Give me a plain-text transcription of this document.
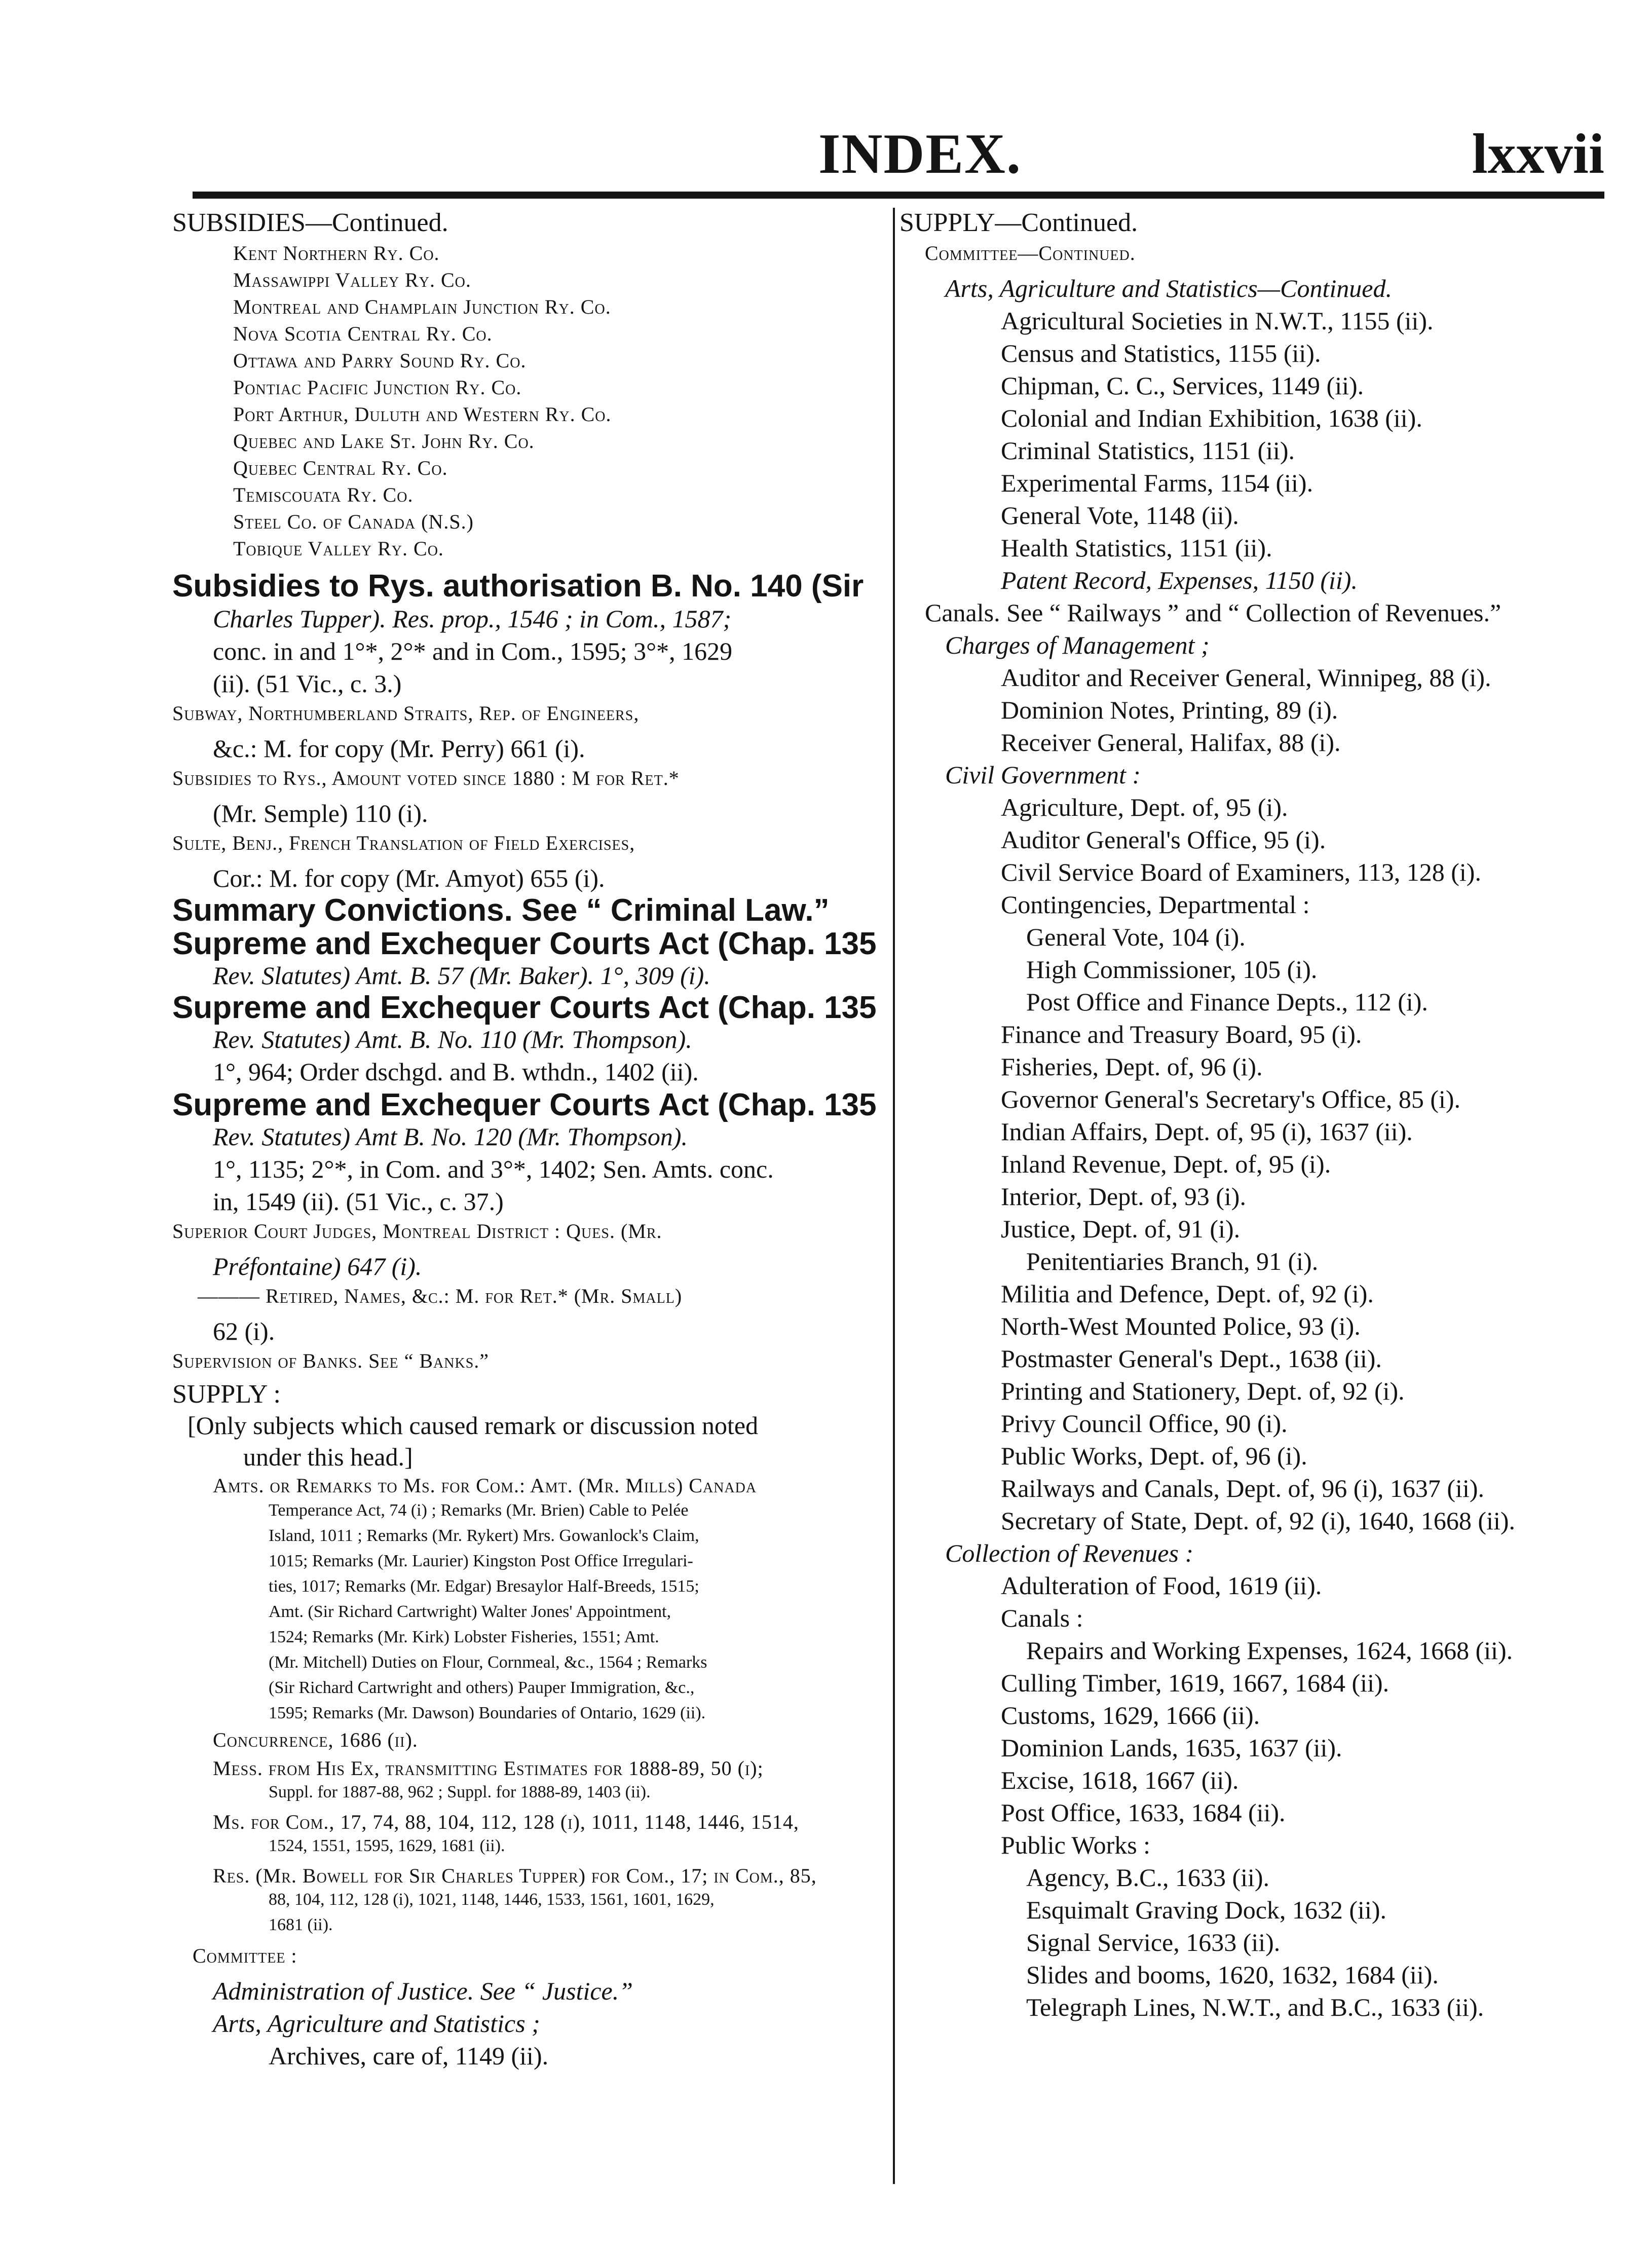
INDEX.	lxxvii
SUBSIDIES—Continued.
Kent Northern Ry. Co.
Massawippi Valley Ry. Co.
Montreal and Champlain Junction Ry. Co.
Nova Scotia Central Ry. Co.
Ottawa and Parry Sound Ry. Co.
Pontiac Pacific Junction Ry. Co.
Port Arthur, Duluth and Western Ry. Co.
Quebec and Lake St. John Ry. Co.
Quebec Central Ry. Co.
Temiscouata Ry. Co.
Steel Co. of Canada (N.S.)
Tobique Valley Ry. Co.
Subsidies to Rys. authorisation B. No. 140 (Sir
Charles Tupper). Res. prop., 1546 ; in Com., 1587;
conc. in and 1°*, 2°* and in Com., 1595; 3°*, 1629
(ii). (51 Vic., c. 3.)
Subway, Northumberland Straits, Rep. of Engineers,
&c.: M. for copy (Mr. Perry) 661 (i).
Subsidies to Rys., Amount voted since 1880 : M for Ret.*
(Mr. Semple) 110 (i).
Sulte, Benj., French Translation of Field Exercises,
Cor.: M. for copy (Mr. Amyot) 655 (i).
Summary Convictions. See “ Criminal Law.”
Supreme and Exchequer Courts Act (Chap. 135
Rev. Slatutes) Amt. B. 57 (Mr. Baker). 1°, 309 (i).
Supreme and Exchequer Courts Act (Chap. 135
Rev. Statutes) Amt. B. No. 110 (Mr. Thompson).
1°, 964; Order dschgd. and B. wthdn., 1402 (ii).
Supreme and Exchequer Courts Act (Chap. 135
Rev. Statutes) Amt B. No. 120 (Mr. Thompson).
1°, 1135; 2°*, in Com. and 3°*, 1402; Sen. Amts. conc.
in, 1549 (ii). (51 Vic., c. 37.)
Superior Court Judges, Montreal District : Ques. (Mr.
Préfontaine) 647 (i).
——— Retired, Names, &c.: M. for Ret.* (Mr. Small)
62 (i).
Supervision of Banks. See “ Banks.”
SUPPLY :
[Only subjects which caused remark or discussion noted
under this head.]
Amts. or Remarks to Ms. for Com.: Amt. (Mr. Mills) Canada
Temperance Act, 74 (i) ; Remarks (Mr. Brien) Cable to Pelée
Island, 1011 ; Remarks (Mr. Rykert) Mrs. Gowanlock's Claim,
1015; Remarks (Mr. Laurier) Kingston Post Office Irregulari-
ties, 1017; Remarks (Mr. Edgar) Bresaylor Half-Breeds, 1515;
Amt. (Sir Richard Cartwright) Walter Jones' Appointment,
1524; Remarks (Mr. Kirk) Lobster Fisheries, 1551; Amt.
(Mr. Mitchell) Duties on Flour, Cornmeal, &c., 1564 ; Remarks
(Sir Richard Cartwright and others) Pauper Immigration, &c.,
1595; Remarks (Mr. Dawson) Boundaries of Ontario, 1629 (ii).
Concurrence, 1686 (ii).
Mess. from His Ex, transmitting Estimates for 1888-89, 50 (i);
Suppl. for 1887-88, 962 ; Suppl. for 1888-89, 1403 (ii).
Ms. for Com., 17, 74, 88, 104, 112, 128 (i), 1011, 1148, 1446, 1514,
1524, 1551, 1595, 1629, 1681 (ii).
Res. (Mr. Bowell for Sir Charles Tupper) for Com., 17; in Com., 85,
88, 104, 112, 128 (i), 1021, 1148, 1446, 1533, 1561, 1601, 1629,
1681 (ii).
Committee :
Administration of Justice. See “ Justice.”
Arts, Agriculture and Statistics ;
Archives, care of, 1149 (ii).
SUPPLY—Continued.
Committee—Continued.
Arts, Agriculture and Statistics—Continued.
Agricultural Societies in N.W.T., 1155 (ii).
Census and Statistics, 1155 (ii).
Chipman, C. C., Services, 1149 (ii).
Colonial and Indian Exhibition, 1638 (ii).
Criminal Statistics, 1151 (ii).
Experimental Farms, 1154 (ii).
General Vote, 1148 (ii).
Health Statistics, 1151 (ii).
Patent Record, Expenses, 1150 (ii).
Canals. See “ Railways ” and “ Collection of Revenues.”
Charges of Management ;
Auditor and Receiver General, Winnipeg, 88 (i).
Dominion Notes, Printing, 89 (i).
Receiver General, Halifax, 88 (i).
Civil Government :
Agriculture, Dept. of, 95 (i).
Auditor General's Office, 95 (i).
Civil Service Board of Examiners, 113, 128 (i).
Contingencies, Departmental :
General Vote, 104 (i).
High Commissioner, 105 (i).
Post Office and Finance Depts., 112 (i).
Finance and Treasury Board, 95 (i).
Fisheries, Dept. of, 96 (i).
Governor General's Secretary's Office, 85 (i).
Indian Affairs, Dept. of, 95 (i), 1637 (ii).
Inland Revenue, Dept. of, 95 (i).
Interior, Dept. of, 93 (i).
Justice, Dept. of, 91 (i).
Penitentiaries Branch, 91 (i).
Militia and Defence, Dept. of, 92 (i).
North-West Mounted Police, 93 (i).
Postmaster General's Dept., 1638 (ii).
Printing and Stationery, Dept. of, 92 (i).
Privy Council Office, 90 (i).
Public Works, Dept. of, 96 (i).
Railways and Canals, Dept. of, 96 (i), 1637 (ii).
Secretary of State, Dept. of, 92 (i), 1640, 1668 (ii).
Collection of Revenues :
Adulteration of Food, 1619 (ii).
Canals :
Repairs and Working Expenses, 1624, 1668 (ii).
Culling Timber, 1619, 1667, 1684 (ii).
Customs, 1629, 1666 (ii).
Dominion Lands, 1635, 1637 (ii).
Excise, 1618, 1667 (ii).
Post Office, 1633, 1684 (ii).
Public Works :
Agency, B.C., 1633 (ii).
Esquimalt Graving Dock, 1632 (ii).
Signal Service, 1633 (ii).
Slides and booms, 1620, 1632, 1684 (ii).
Telegraph Lines, N.W.T., and B.C., 1633 (ii).
